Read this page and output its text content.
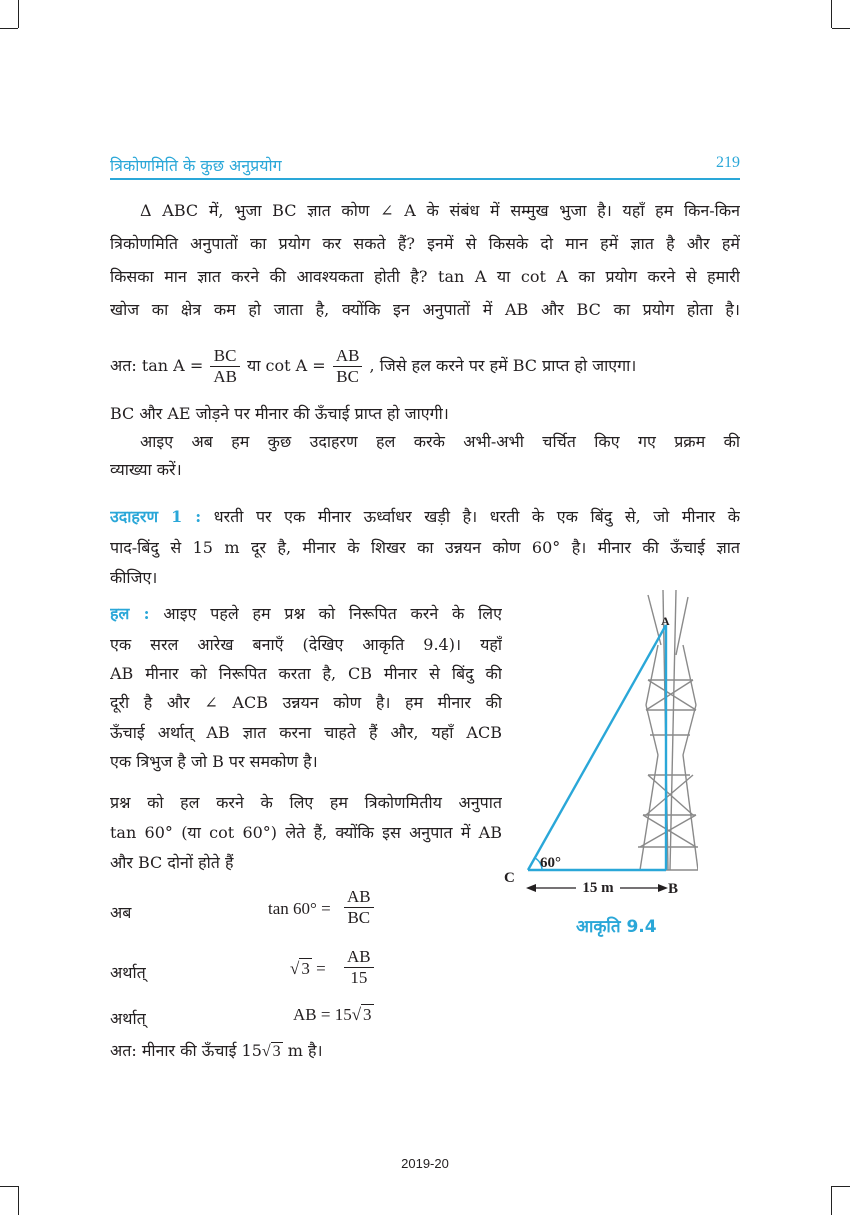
त्रिकोणमिति के कुछ अनुप्रयोग	219
Δ ABC में, भुजा BC ज्ञात कोण ∠ A के संबंध में सम्मुख भुजा है। यहाँ हम किन-किन
त्रिकोणमिति अनुपातों का प्रयोग कर सकते हैं? इनमें से किसके दो मान हमें ज्ञात है और हमें
किसका मान ज्ञात करने की आवश्यकता होती है? tan A या cot A का प्रयोग करने से हमारी
खोज का क्षेत्र कम हो जाता है, क्योंकि इन अनुपातों में AB और BC का प्रयोग होता है।
अत: $\tan A = \frac{BC}{AB}$ या $\cot A = \frac{AB}{BC}$ , जिसे हल करने पर हमें BC प्राप्त हो जाएगा।
BC और AE जोड़ने पर मीनार की ऊँचाई प्राप्त हो जाएगी।
आइए अब हम कुछ उदाहरण हल करके अभी-अभी चर्चित किए गए प्रक्रम की
व्याख्या करें।
उदाहरण 1 : धरती पर एक मीनार ऊर्ध्वाधर खड़ी है। धरती के एक बिंदु से, जो मीनार के
पाद-बिंदु से 15 m दूर है, मीनार के शिखर का उन्नयन कोण 60° है। मीनार की ऊँचाई ज्ञात
कीजिए।
हल : आइए पहले हम प्रश्न को निरूपित करने के लिए
एक सरल आरेख बनाएँ (देखिए आकृति 9.4)। यहाँ
AB मीनार को निरूपित करता है, CB मीनार से बिंदु की
दूरी है और ∠ ACB उन्नयन कोण है। हम मीनार की
ऊँचाई अर्थात् AB ज्ञात करना चाहते हैं और, यहाँ ACB
एक त्रिभुज है जो B पर समकोण है।
प्रश्न को हल करने के लिए हम त्रिकोणमितीय अनुपात
tan 60° (या cot 60°) लेते हैं, क्योंकि इस अनुपात में AB
और BC दोनों होते हैं
अब	$\tan 60^\circ = \frac{AB}{BC}$
अर्थात्	√ $3 = \frac{AB}{15}$
अर्थात्	AB = 15√ 3
अत: मीनार की ऊँचाई 15√ 3 m है।
15 m
60°
A
B
C
आकृति 9.4
2019-20
